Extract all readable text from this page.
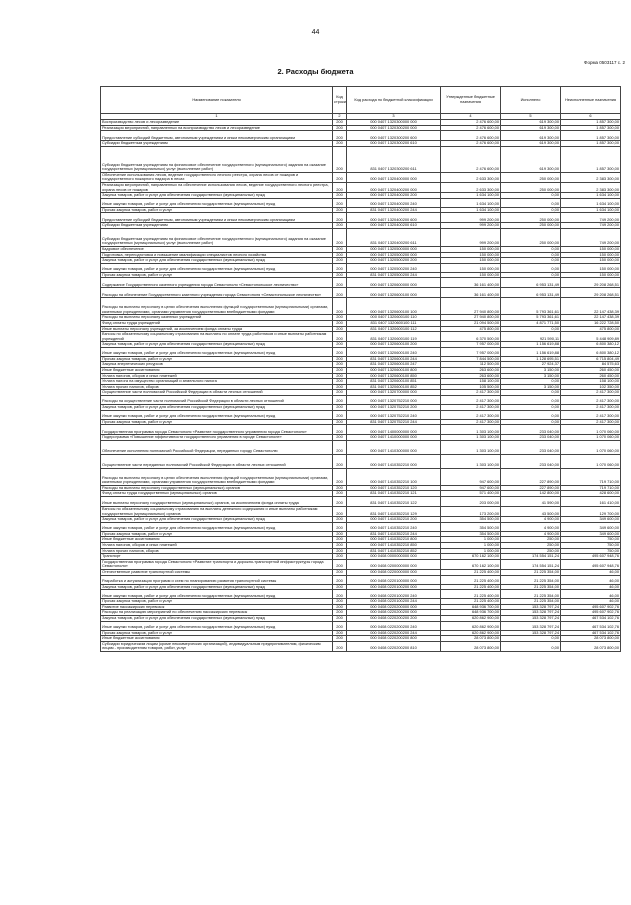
44
Форма 0503117 с. 2
2. Расходы бюджета
Наименование показателя	Код строки	Код расхода по бюджетной классификации	Утвержденные бюджетные назначения	Исполнено	Неисполненные назначения
1	2	3	4	5	6
Воспроизводство лесов и лесоразведение	200	000 0407 1320300000 000	2 476 600,00	619 300,00	1 857 300,00
Реализация мероприятий, направленных на воспроизводство лесов и лесоразведение	200	000 0407 1320300200 000	2 476 600,00	619 300,00	1 857 300,00
Предоставление субсидий бюджетным, автономным учреждениям и иным некоммерческим организациям	200	000 0407 1320300200 600	2 476 600,00	619 300,00	1 857 300,00
Субсидии бюджетным учреждениям	200	000 0407 1320300200 610	2 476 600,00	619 300,00	1 857 300,00
Субсидии бюджетным учреждениям на финансовое обеспечение государственного (муниципального) задания на оказание государственных (муниципальных) услуг (выполнение работ)	200	831 0407 1320300200 611	2 476 600,00	619 300,00	1 857 300,00
Обеспечение использования лесов, ведение государственного лесного реестра, охрана лесов от пожаров и государственного пожарного надзора в лесах	200	000 0407 1320400000 000	2 633 300,00	250 000,00	2 383 300,00
Реализация мероприятий, направленных на обеспечение использования лесов, ведение государственного лесного реестра, охрана лесов от пожаров	200	000 0407 1320400200 000	2 633 300,00	250 000,00	2 383 300,00
Закупка товаров, работ и услуг для обеспечения государственных (муниципальных) нужд	200	000 0407 1320400200 200	1 634 100,00	0,00	1 634 100,00
Иные закупки товаров, работ и услуг для обеспечения государственных (муниципальных) нужд	200	000 0407 1320400200 240	1 634 100,00	0,00	1 634 100,00
Прочая закупка товаров, работ и услуг	200	831 0407 1320400200 244	1 634 100,00	0,00	1 634 100,00
Предоставление субсидий бюджетным, автономным учреждениям и иным некоммерческим организациям	200	000 0407 1320400200 600	999 200,00	250 000,00	749 200,00
Субсидии бюджетным учреждениям	200	000 0407 1320400200 610	999 200,00	250 000,00	749 200,00
Субсидии бюджетным учреждениям на финансовое обеспечение государственного (муниципального) задания на оказание государственных (муниципальных) услуг (выполнение работ)	200	831 0407 1320400200 611	999 200,00	250 000,00	749 200,00
Кадровое обеспечение	200	000 0407 1320500000 000	150 000,00	0,00	150 000,00
Подготовка, переподготовка и повышение квалификации специалистов лесного хозяйства	200	000 0407 1320500200 000	150 000,00	0,00	150 000,00
Закупка товаров, работ и услуг для обеспечения государственных (муниципальных) нужд	200	000 0407 1320500200 200	150 000,00	0,00	150 000,00
Иные закупки товаров, работ и услуг для обеспечения государственных (муниципальных) нужд	200	000 0407 1320500200 240	150 000,00	0,00	150 000,00
Прочая закупка товаров, работ и услуг	200	831 0407 1320500200 244	150 000,00	0,00	150 000,00
Содержание Государственного казенного учреждения города Севастополя «Севастопольское лесничество»	200	000 0407 1320600000 000	36 161 400,00	6 953 131,49	29 208 268,51
Расходы на обеспечение Государственного казенного учреждения города Севастополя «Севастопольское лесничество»	200	000 0407 1320600100 000	36 161 400,00	6 953 131,49	29 208 268,51
Расходы на выплаты персоналу в целях обеспечения выполнения функций государственными (муниципальными) органами, казенными учреждениями, органами управления государственными внебюджетными фондами	200	000 0407 1320600100 100	27 940 800,00	5 793 361,61	22 147 438,39
Расходы на выплаты персоналу казенных учреждений	200	000 0407 1320600100 110	27 940 800,00	5 793 361,61	22 147 438,39
Фонд оплаты труда учреждений	200	831 0407 1320600100 111	21 094 500,00	4 871 771,50	16 222 728,50
Иные выплаты персоналу учреждений, за исключением фонда оплаты труда	200	831 0407 1320600100 112	475 800,00	0,00	475 800,00
Взносы по обязательному социальному страхованию на выплаты по оплате труда работников и иные выплаты работникам учреждений	200	831 0407 1320600100 119	6 370 500,00	921 590,11	5 448 909,89
Закупка товаров, работ и услуг для обеспечения государственных (муниципальных) нужд	200	000 0407 1320600100 200	7 957 000,00	1 156 619,88	6 800 380,12
Иные закупки товаров, работ и услуг для обеспечения государственных (муниципальных) нужд	200	000 0407 1320600100 240	7 957 000,00	1 156 619,88	6 800 380,12
Прочая закупка товаров, работ и услуг	200	831 0407 1320600100 244	7 844 500,00	1 128 695,51	6 715 804,49
Закупка энергетических ресурсов	200	831 0407 1320600100 247	112 500,00	27 924,37	84 575,63
Иные бюджетные ассигнования	200	000 0407 1320600100 800	263 600,00	3 150,00	260 450,00
Уплата налогов, сборов и иных платежей	200	000 0407 1320600100 850	263 600,00	3 150,00	260 450,00
Уплата налога на имущество организаций и земельного налога	200	831 0407 1320600100 851	158 100,00	0,00	158 100,00
Уплата прочих налогов, сборов	200	831 0407 1320600100 852	105 500,00	3 150,00	102 350,00
Осуществление части полномочий Российской Федерации в области лесных отношений	200	000 0407 1320700000 000	2 417 300,00	0,00	2 417 300,00
Расходы на осуществление части полномочий Российской Федерации в области лесных отношений	200	000 0407 1320752210 000	2 417 300,00	0,00	2 417 300,00
Закупка товаров, работ и услуг для обеспечения государственных (муниципальных) нужд	200	000 0407 1320752210 200	2 417 300,00	0,00	2 417 300,00
Иные закупки товаров, работ и услуг для обеспечения государственных (муниципальных) нужд	200	000 0407 1320752210 240	2 417 300,00	0,00	2 417 300,00
Прочая закупка товаров, работ и услуг	200	831 0407 1320752210 244	2 417 300,00	0,00	2 417 300,00
Государственная программа города Севастополя «Развитие государственного управления города Севастополя»	200	000 0407 1400000000 000	1 303 100,00	233 040,00	1 070 060,00
Подпрограмма «Повышение эффективности государственного управления в городе Севастополе»	200	000 0407 1410000000 000	1 303 100,00	233 040,00	1 070 060,00
Обеспечение исполнения полномочий Российской Федерации, переданных городу Севастополю	200	000 0407 1410300000 000	1 303 100,00	233 040,00	1 070 060,00
Осуществление части переданных полномочий Российской Федерации в области лесных отношений	200	000 0407 1410352210 000	1 303 100,00	233 040,00	1 070 060,00
Расходы на выплаты персоналу в целях обеспечения выполнения функций государственными (муниципальными) органами, казенными учреждениями, органами управления государственными внебюджетными фондами	200	000 0407 1410352210 100	947 600,00	227 890,00	719 710,00
Расходы на выплаты персоналу государственных (муниципальных) органов	200	000 0407 1410352210 120	947 600,00	227 890,00	719 710,00
Фонд оплаты труда государственных (муниципальных) органов	200	831 0407 1410352210 121	571 400,00	142 800,00	428 600,00
Иные выплаты персоналу государственных (муниципальных) органов, за исключением фонда оплаты труда	200	831 0407 1410352210 122	203 000,00	41 590,00	161 410,00
Взносы по обязательному социальному страхованию на выплаты денежного содержания и иные выплаты работникам государственных (муниципальных) органов	200	831 0407 1410352210 129	173 200,00	43 500,00	129 700,00
Закупка товаров, работ и услуг для обеспечения государственных (муниципальных) нужд	200	000 0407 1410352210 200	354 500,00	4 900,00	349 600,00
Иные закупки товаров, работ и услуг для обеспечения государственных (муниципальных) нужд	200	000 0407 1410352210 240	354 500,00	4 900,00	349 600,00
Прочая закупка товаров, работ и услуг	200	831 0407 1410352210 244	354 500,00	4 900,00	349 600,00
Иные бюджетные ассигнования	200	000 0407 1410352210 800	1 000,00	250,00	750,00
Уплата налогов, сборов и иных платежей	200	000 0407 1410352210 850	1 000,00	250,00	750,00
Уплата прочих налогов, сборов	200	831 0407 1410352210 852	1 000,00	250,00	750,00
Транспорт	200	000 0408 0000000000 000	670 162 100,00	174 554 151,24	495 607 948,76
Государственная программа города Севастополя «Развитие транспорта и дорожно-транспортной инфраструктуры города Севастополя»	200	000 0408 0200000000 000	670 162 100,00	174 554 151,24	495 607 948,76
Отечественные развитие транспортной системы	200	000 0408 0220000000 000	21 225 400,00	21 225 354,00	46,00
Разработка и актуализация программ и схем по планированию развития транспортной системы	200	000 0408 0220100000 000	21 225 400,00	21 225 354,00	46,00
Закупка товаров, работ и услуг для обеспечения государственных (муниципальных) нужд	200	000 0408 0220100200 000	21 225 400,00	21 225 354,00	46,00
Иные закупки товаров, работ и услуг для обеспечения государственных (муниципальных) нужд	200	000 0408 0220100200 240	21 225 400,00	21 225 354,00	46,00
Прочая закупка товаров, работ и услуг	200	000 0408 0220100200 244	21 225 400,00	21 225 354,00	46,00
Развитие пассажирских перевозок	200	000 0408 0220200000 000	648 936 700,00	153 328 797,24	495 607 902,76
Расходы на реализацию мероприятий по обеспечению пассажирских перевозок	200	000 0408 0220200200 000	648 936 700,00	153 328 797,24	495 607 902,76
Закупка товаров, работ и услуг для обеспечения государственных (муниципальных) нужд	200	000 0408 0220200200 200	620 862 900,00	153 328 797,24	467 534 102,76
Иные закупки товаров, работ и услуг для обеспечения государственных (муниципальных) нужд	200	000 0408 0220200200 240	620 862 900,00	153 328 797,24	467 534 102,76
Прочая закупка товаров, работ и услуг	200	000 0408 0220200200 244	620 862 900,00	153 328 797,24	467 534 102,76
Иные бюджетные ассигнования	200	000 0408 0220200200 800	28 073 800,00	0,00	28 073 800,00
Субсидии юридическим лицам (кроме некоммерческих организаций), индивидуальным предпринимателям, физическим лицам - производителям товаров, работ, услуг	200	000 0408 0220200200 810	28 073 800,00	0,00	28 073 800,00
